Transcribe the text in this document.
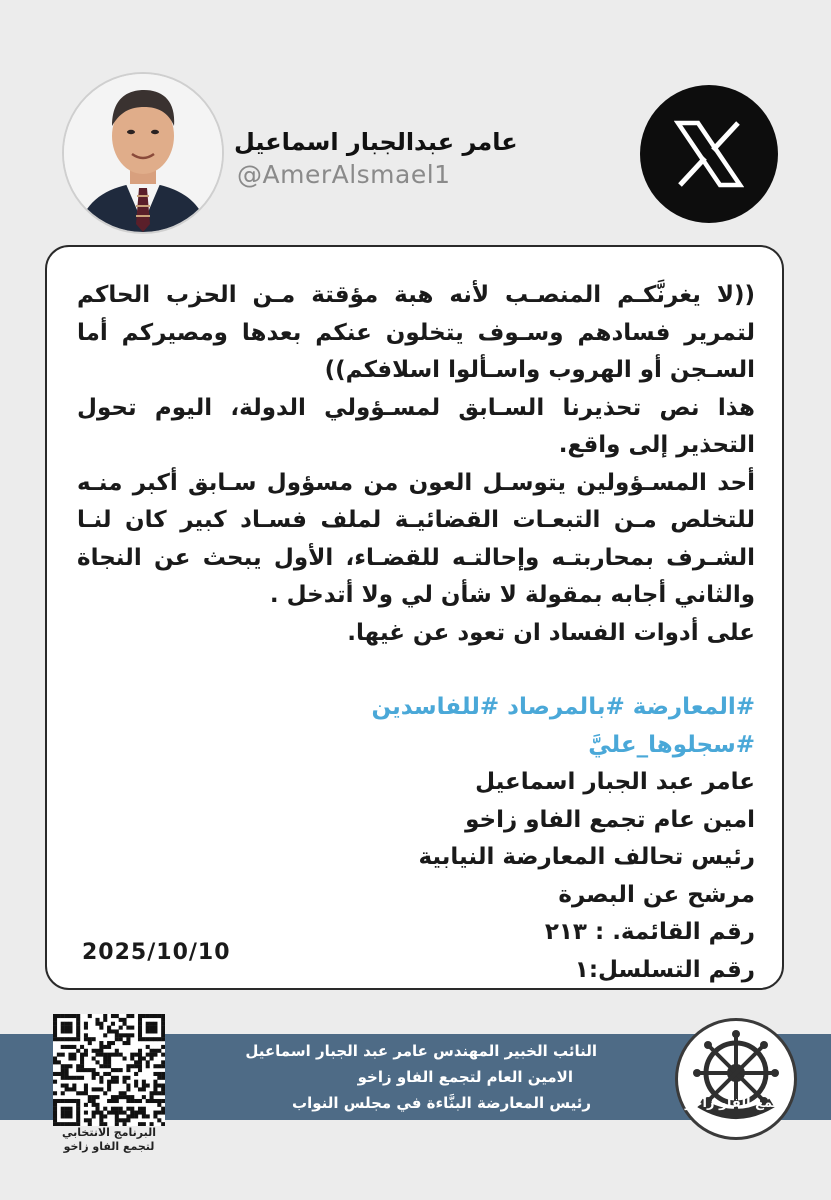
عامر عبدالجبار اسماعيل
@AmerAlsmael1

((لا يغرنَّكـم المنصـب لأنه هبة مؤقتة مـن الحزب الحاكم لتمرير فسادهم وسـوف يتخلون عنكم بعدها ومصيركم أما السـجن أو الهروب واسـألوا اسلافكم))

هذا نص تحذيرنا السـابق لمسـؤولي الدولة، اليوم تحول التحذير إلى واقع.

أحد المسـؤولين يتوسـل العون من مسؤول سـابق أكبر منـه للتخلص مـن التبعـات القضائيـة لملف فسـاد كبير كان لنـا الشـرف بمحاربتـه وإحالتـه للقضـاء، الأول يبحث عن النجاة والثاني أجابه بمقولة لا شأن لي ولا أتدخل .

على أدوات الفساد ان تعود عن غيها.

#المعارضة #بالمرصاد #للفاسدين

#سجلوها_عليَّ

عامر عبد الجبار اسماعيل

امين عام تجمع الفاو زاخو

رئيس تحالف المعارضة النيابية

مرشح عن البصرة

رقم القائمة. : ٢١٣

رقم التسلسل:١

2025/10/10
النائب الخبير المهندس عامر عبد الجبار اسماعيل
الامين العام لتجمع الفاو زاخو
رئيس المعارضة البنَّاءة في مجلس النواب	تجمع الفاو زاخو
البرنامج الانتخابي
لتجمع الفاو زاخو
